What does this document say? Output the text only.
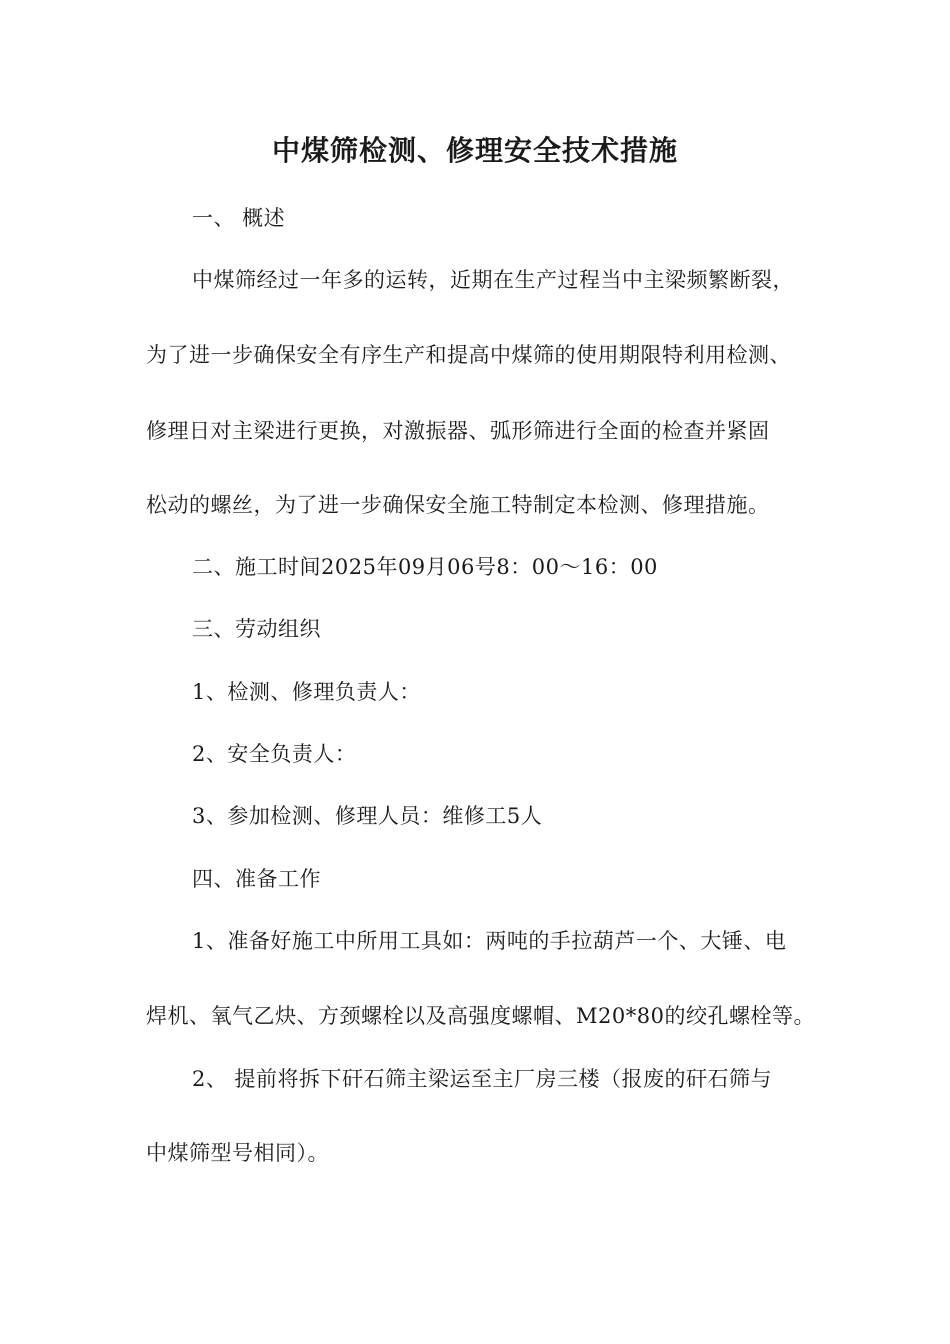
中煤筛检测、修理安全技术措施

一、 概述

中煤筛经过一年多的运转，近期在生产过程当中主梁频繁断裂，

为了进一步确保安全有序生产和提高中煤筛的使用期限特利用检测、

修理日对主梁进行更换，对激振器、弧形筛进行全面的检查并紧固

松动的螺丝，为了进一步确保安全施工特制定本检测、修理措施。

二、施工时间2025年09月06号8：00～16：00

三、劳动组织

1、检测、修理负责人：

2、安全负责人：

3、参加检测、修理人员：维修工5人

四、准备工作

1、准备好施工中所用工具如：两吨的手拉葫芦一个、大锤、电

焊机、氧气乙炔、方颈螺栓以及高强度螺帽、M20*80的绞孔螺栓等。

2、 提前将拆下矸石筛主梁运至主厂房三楼（报废的矸石筛与

中煤筛型号相同）。
